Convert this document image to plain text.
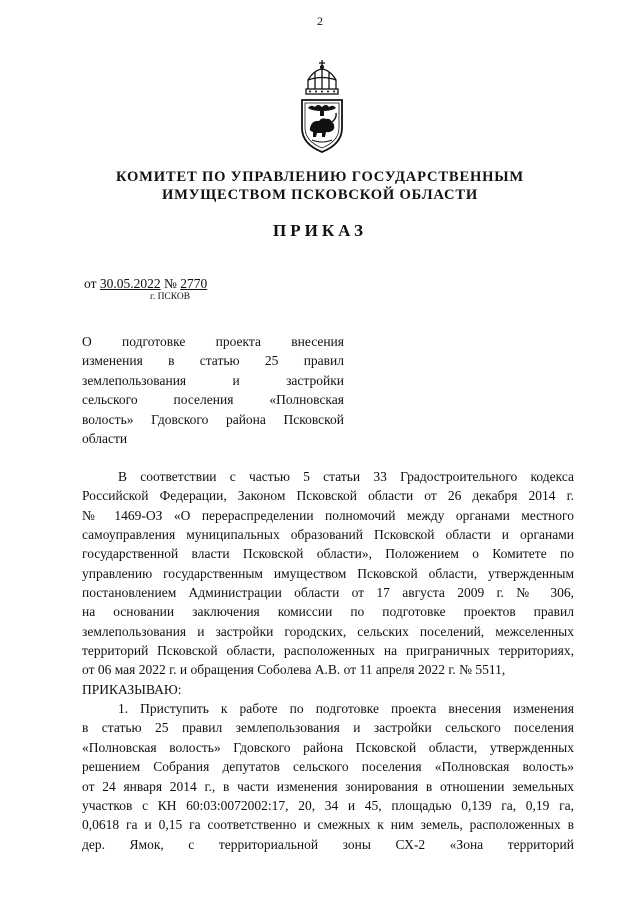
2
КОМИТЕТ ПО УПРАВЛЕНИЮ ГОСУДАРСТВЕННЫМ
ИМУЩЕСТВОМ ПСКОВСКОЙ ОБЛАСТИ
ПРИКАЗ
от 30.05.2022 № 2770
г. ПСКОВ
О подготовке проекта внесения
изменения в статью 25 правил
землепользования и застройки
сельского поселения «Полновская
волость» Гдовского района Псковской
области
В соответствии с частью 5 статьи 33 Градостроительного кодекса
Российской Федерации, Законом Псковской области от 26 декабря 2014 г.
№ 1469-ОЗ «О перераспределении полномочий между органами местного
самоуправления муниципальных образований Псковской области и органами
государственной власти Псковской области», Положением о Комитете по
управлению государственным имуществом Псковской области, утвержденным
постановлением Администрации области от 17 августа 2009 г. № 306,
на основании заключения комиссии по подготовке проектов правил
землепользования и застройки городских, сельских поселений, межселенных
территорий Псковской области, расположенных на приграничных территориях,
от 06 мая 2022 г. и обращения Соболева А.В. от 11 апреля 2022 г. № 5511,
ПРИКАЗЫВАЮ:
1. Приступить к работе по подготовке проекта внесения изменения
в статью 25 правил землепользования и застройки сельского поселения
«Полновская волость» Гдовского района Псковской области, утвержденных
решением Собрания депутатов сельского поселения «Полновская волость»
от 24 января 2014 г., в части изменения зонирования в отношении земельных
участков с КН 60:03:0072002:17, 20, 34 и 45, площадью 0,139 га, 0,19 га,
0,0618 га и 0,15 га соответственно и смежных к ним земель, расположенных в
дер. Ямок, с территориальной зоны СХ-2 «Зона территорий
